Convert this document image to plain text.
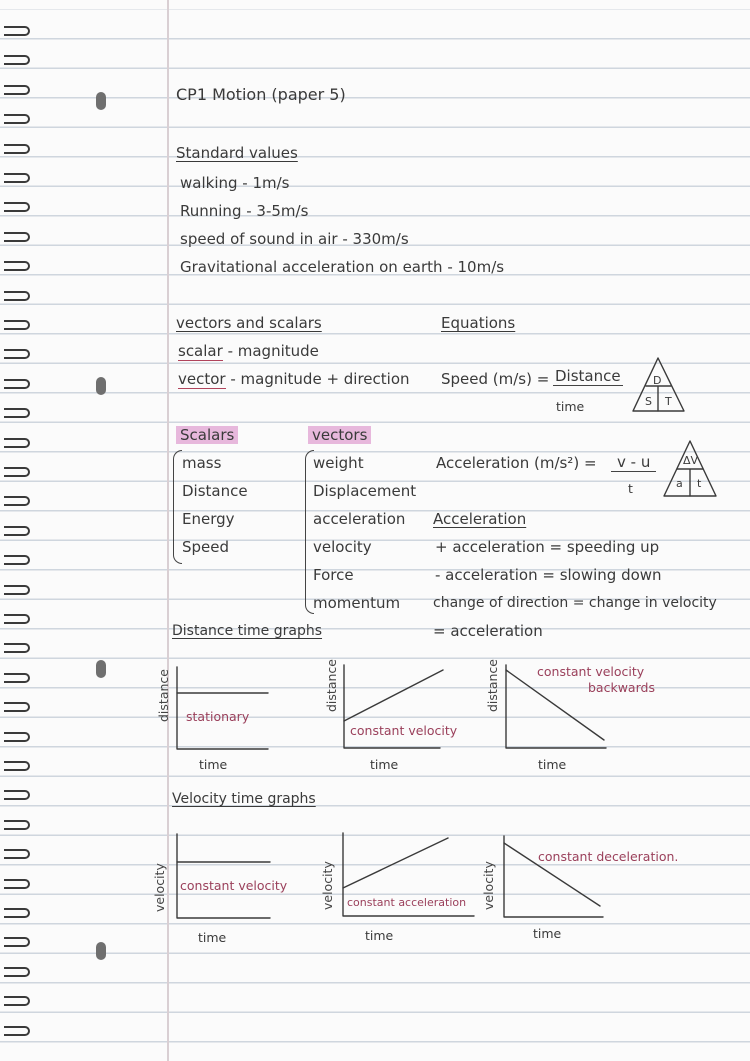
CP1 Motion (paper 5)
Standard values
walking - 1m/s
Running - 3-5m/s
speed of sound in air - 330m/s
Gravitational acceleration on earth - 10m/s
vectors and scalars
scalar - magnitude
vector - magnitude + direction
Equations
Speed (m/s) = Distance
time
D
S T
Acceleration (m/s²) =	v - u
t
ΔV
a t
Scalars
mass
Distance
Energy
Speed
vectors
weight
Displacement
acceleration
velocity
Force
momentum
Acceleration
+ acceleration = speeding up
- acceleration = slowing down
change of direction = change in velocity
= acceleration
Distance time graphs
distance	distance	distance
stationary
constant velocity
constant velocity
backwards
time	time	time
Velocity time graphs
velocity	velocity	velocity
constant velocity
constant acceleration
constant deceleration.
time	time	time
